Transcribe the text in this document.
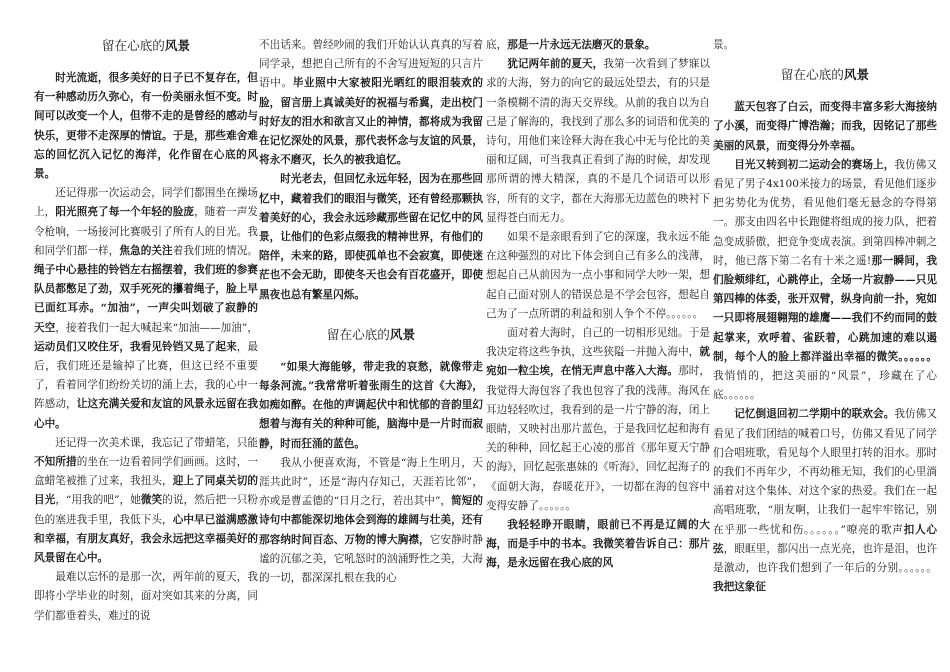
留在心底的风景

时光流逝，很多美好的日子已不复存在，但有一种感动历久弥心，有一份美丽永恒不变。时间可以改变一个人，但带不走的是曾经的感动与快乐，更带不走深厚的情谊。于是，那些难舍难忘的回忆沉入记忆的海洋，化作留在心底的风景。

还记得那一次运动会，同学们都围坐在操场上，阳光照亮了每一个年轻的脸庞，随着一声发令枪响，一场接河比赛吸引了所有人的目光。我和同学们都一样，焦急的关注着我们班的情况。绳子中心悬挂的铃铛左右摇摆着，我们班的参赛队员都憋足了劲，双手死死的攥着绳子，脸上早已面红耳赤。“加油”，一声尖叫划破了寂静的天空，接着我们一起大喊起来“加油——加油”，运动员们又咬住牙，我看见铃铛又晃了起来，最后，我们班还是输掉了比赛，但这已经不重要了，看着同学们纷纷关切的涌上去，我的心中一阵感动，让这充满关爱和友谊的风景永远留在我心中。

还记得一次美术课，我忘记了带蜡笔，只能不知所措的坐在一边看着同学们画画。这时，一盒蜡笔被推了过来，我扭头，迎上了同桌关切的目光，“用我的吧”，她微笑的说，然后把一只粉色的塞进我手里，我低下头，心中早已溢满感激和幸福，有朋友真好，我会永远把这幸福美好的风景留在心中。

最难以忘怀的是那一次，两年前的夏天，我即将小学毕业的时刻，面对突如其来的分离，同学们都垂着头，难过的说

不出话来。曾经吵闹的我们开始认认真真的写着同学录，想把自己所有的不舍写进短短的只言片语中。毕业照中大家被阳光晒红的眼泪装欢的脸，留言册上真诚美好的祝福与希冀，走出校门时好友的泪水和欲言又止的神情，都将成为我留在记忆深处的风景，那代表怀念与友谊的风景，将永不磨灭，长久的被我追忆。

时光老去，但回忆永远年轻，因为在那些回忆中，藏着我们的眼泪与微笑，还有曾经那颗执着美好的心，我会永远珍藏那些留在记忆中的风景，让他们的色彩点缀我的精神世界，有他们的陪伴，未来的路，即使孤单也不会寂寞，即使迷茫也不会无助，即使冬天也会有百花盛开，即使黑夜也总有繁星闪烁。

留在心底的风景

“如果大海能够，带走我的哀愁，就像带走每条河流。”我常常听着张雨生的这首《大海》，如痴如醉。在他的声调起伏中和忧郁的音韵里幻想着与海有关的种种可能，脑海中是一片时而寂静，时而狂涌的蓝色。

我从小便喜欢海，不管是“海上生明月，天涯共此时”，还是“海内存知己，天涯若比邻”，亦或是曹孟德的“日月之行，若出其中”，简短的诗句中都能深切地体会到海的雄阔与壮美，还有那容纳时间百态、万物的博大胸襟，它安静时静谧的沉郁之美，它吼怒时的汹涌野性之美，大海的一切，都深深扎根在我的心

底，那是一片永远无法磨灭的景象。

犹记两年前的夏天，我第一次看到了梦寐以求的大海，努力的向它的最远处望去，有的只是一条模糊不清的海天交界线。从前的我自以为自己是了解海的，我找到了那么多的词语和优美的诗句，用他们来诠释大海在我心中无与伦比的美丽和辽阔，可当我真正看到了海的时候，却发现那所谓的博大精深，真的不是几个词语可以形容，所有的文字，都在大海那无边蓝色的映衬下显得苍白而无力。

如果不是亲眼看到了它的深邃，我永远不能在这种强烈的对比下体会到自己有多么的浅薄，想起自己从前因为一点小事和同学大吵一架，想起自己面对别人的错误总是不学会包容，想起自己为了一点所谓的利益和别人争个不停。。。。。。

面对着大海时，自己的一切相形见绌。于是我决定将这些争执，这些狭隘一并抛入海中，就宛如一粒尘埃，在悄无声息中落入大海。那时，我觉得大海包容了我也包容了我的浅薄。海风在耳边轻轻吹过，我看到的是一片宁静的海，闭上眼睛，又映衬出那片蓝色，于是我回忆起和海有关的种种，回忆起王心凌的那首《那年夏天宁静的海》，回忆起张惠妹的《听海》，回忆起海子的《面朝大海，春暖花开》，一切都在海的包容中变得安静了。。。。。。

我轻轻睁开眼睛，眼前已不再是辽阔的大海，而是手中的书本。我微笑着告诉自己：那片海，是永远留在我心底的风

景。

留在心底的风景

蓝天包容了白云，而变得丰富多彩大海接纳了小溪，而变得广博浩瀚；而我，因铭记了那些美丽的风景，而变得分外幸福。

目光又转到初二运动会的赛场上，我仿佛又看见了男子4x100米接力的场景，看见他们逐步把劣势化为优势，看见他们毫无悬念的夺得第一。那支由四名中长跑健将组成的接力队，把着急变成骄傲，把竞争变成表演。到第四棒冲刺之时，他已落下第二名有十米之遥!那一瞬间，我们脸颊绯红，心跳停止，全场一片寂静——只见第四棒的体委，张开双臂，纵身向前一扑，宛如一只即将展翅翱翔的雄鹰——我们不约而同的鼓起掌来，欢呼着、雀跃着，心跳加速的难以遏制，每个人的脸上都洋溢出幸福的微笑。。。。。。我悄悄的，把这美丽的“风景”，珍藏在了心底。。。。。。

记忆倒退回初二学期中的联欢会。我仿佛又看见了我们团结的喊着口号，仿佛又看见了同学们合唱班歌，看见每个人眼里打转的泪水。那时的我们不再年少，不再幼稚无知，我们的心里淌涌着对这个集体、对这个家的热爱。我们在一起高唱班歌，“朋友啊，让我们一起牢牢铭记，别在乎那一些忧和伤。。。。。。”嘹亮的歌声扣人心弦，眼眶里，都闪出一点光亮，也许是泪，也许是激动，也许我们想到了一年后的分别。。。。。。我把这象征
